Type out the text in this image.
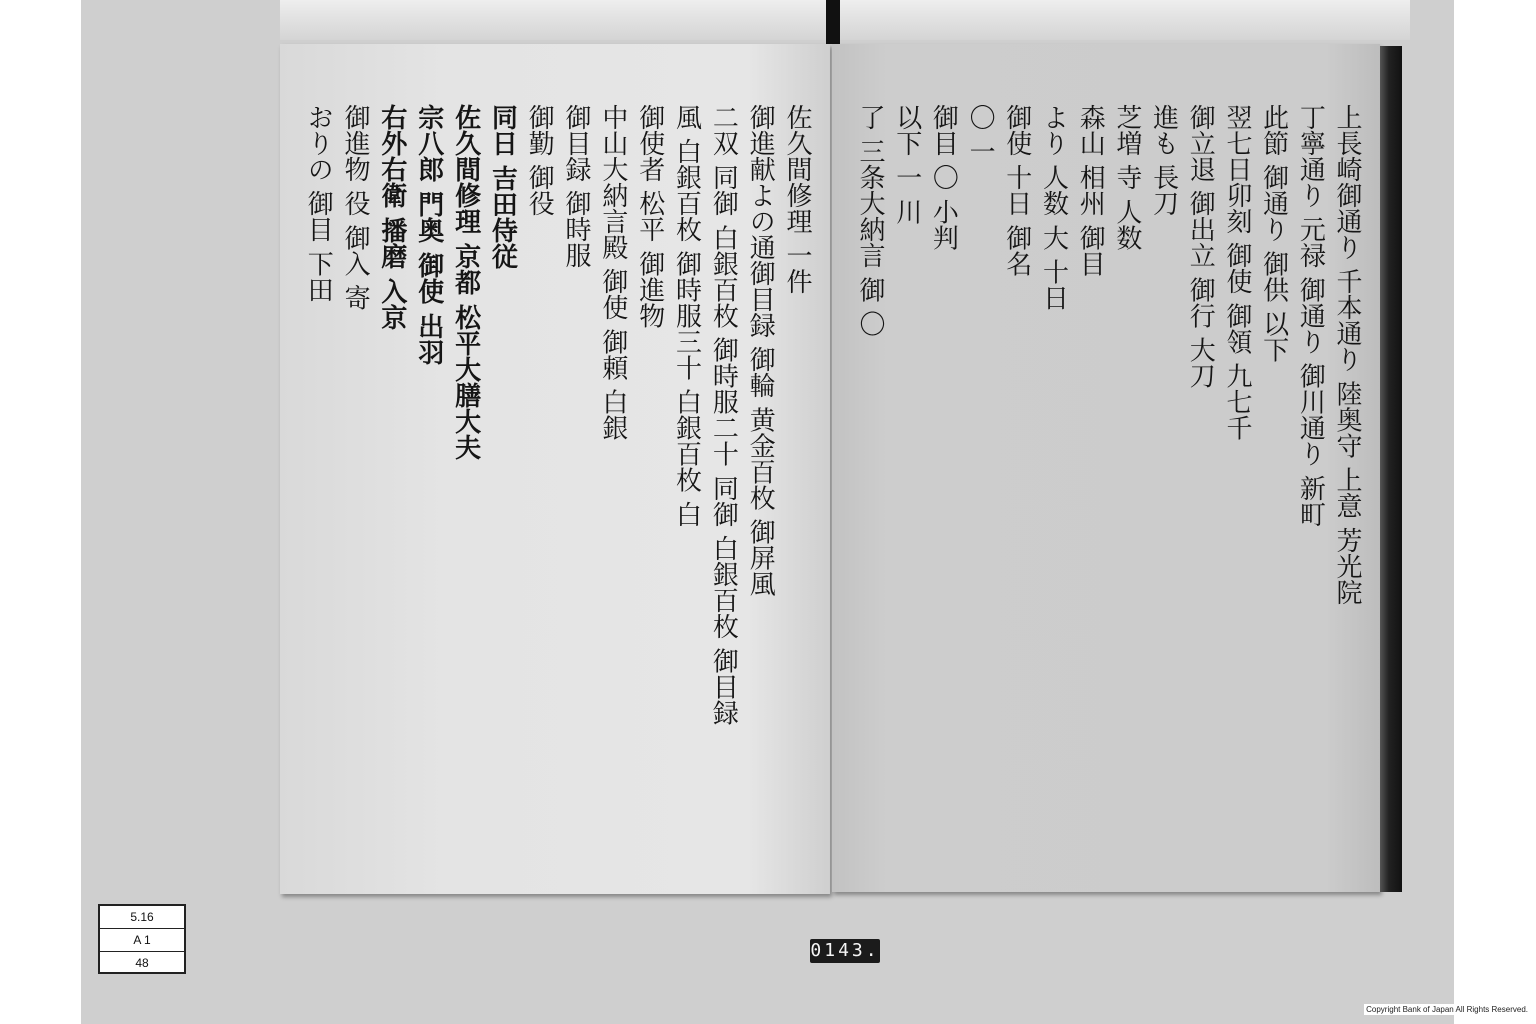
佐久間修理 一件
御進献よの通御目録 御輪 黄金百枚 御屏風
二双 同御 白銀百枚 御時服二十 同御 白銀百枚 御目録
風 白銀百枚 御時服三十 白銀百枚 白
御使者 松平 御進物
中山大納言殿 御使 御頼 白銀
御目録 御時服
御勤 御役
同日 吉田侍従
佐久間修理 京都 松平大膳大夫
宗八郎 門奥 御使 出羽
右外右衛 播磨 入京
御進物 役 御入 寄
おりの 御目 下田	上長崎御通り 千本通り 陸奥守 上意 芳光院
丁寧通り 元禄 御通り 御川通り 新町
此節 御通り 御供 以下
翌七日卯刻 御使 御領 九七千
御立退 御出立 御行 大刀
進も 長刀
芝増 寺 人数
森山 相州 御目
より 人数 大 十日
御使 十日 御名
〇 一
御目 〇 小判
以下 一 川
了 三条大納言 御 〇
5.16
A 1
48
0143.
Copyright Bank of Japan All Rights Reserved.
